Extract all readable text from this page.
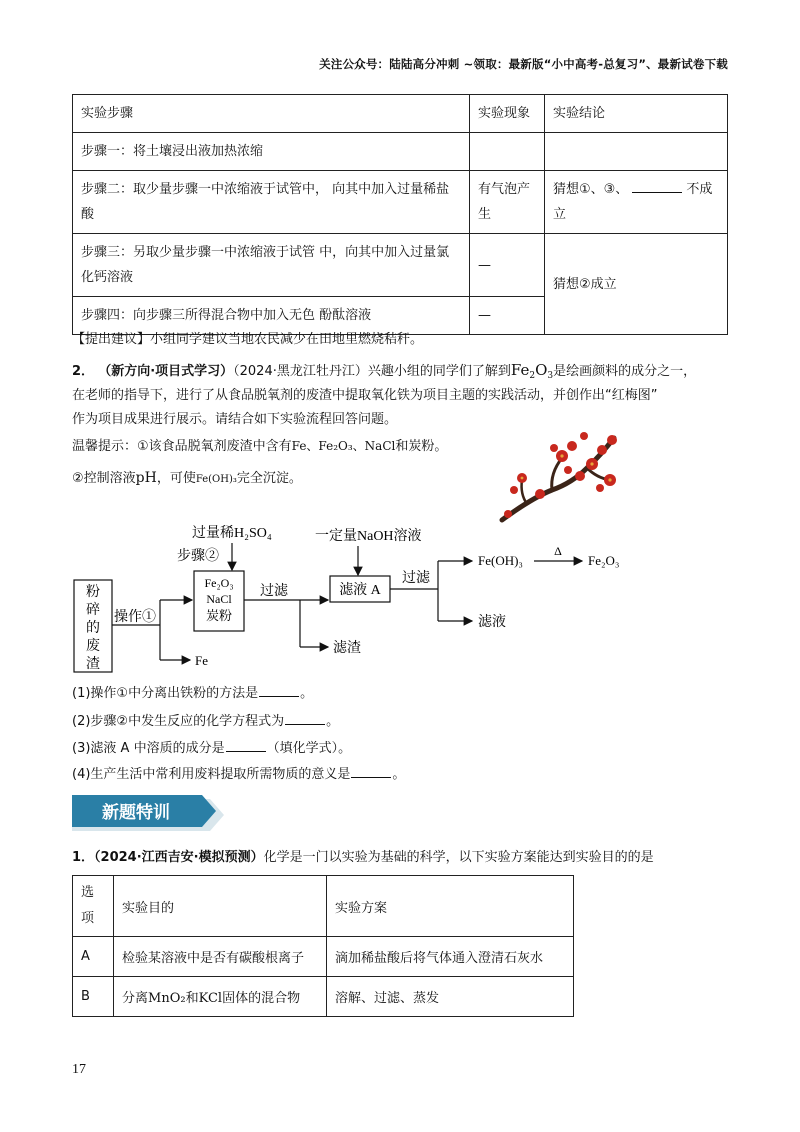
关注公众号：陆陆高分冲刺 ~领取：最新版“小中高考-总复习”、最新试卷下载
实验步骤	实验现象	实验结论
步骤一：将土壤浸出液加热浓缩		
步骤二：取少量步骤一中浓缩液于试管中， 向其中加入过量稀盐酸	有气泡产生	猜想①、③、 不成立
步骤三：另取少量步骤一中浓缩液于试管 中，向其中加入过量氯化钙溶液	—	猜想②成立
步骤四：向步骤三所得混合物中加入无色 酚酞溶液	—	
【提出建议】小组同学建议当地农民减少在田地里燃烧秸秆。
2． （新方向·项目式学习）（2024·黑龙江牡丹江）兴趣小组的同学们了解到$Fe_2O_3$是绘画颜料的成分之一，
在老师的指导下，进行了从食品脱氧剂的废渣中提取氧化铁为项目主题的实践活动，并创作出“红梅图”
作为项目成果进行展示。请结合如下实验流程回答问题。
温馨提示：①该食品脱氧剂废渣中含有Fe、Fe₂O₃、NaCl和炭粉。
②控制溶液pH，可使Fe(OH)₃完全沉淀。
粉
碎
的
废
渣
操作①
Fe
过量稀H₂SO₄
步骤②
Fe₂O₃
NaCl
炭粉
过滤
滤渣
一定量NaOH溶液
滤液 A
过滤
Fe(OH)₃
Δ
Fe₂O₃
滤液
(1)操作①中分离出铁粉的方法是	。
(2)步骤②中发生反应的化学方程式为	。
(3)滤液 A 中溶质的成分是	（填化学式）。
(4)生产生活中常利用废料提取所需物质的意义是	。
新题特训
1．（2024·江西吉安·模拟预测）化学是一门以实验为基础的科学，以下实验方案能达到实验目的的是
选项	实验目的	实验方案
A	检验某溶液中是否有碳酸根离子	滴加稀盐酸后将气体通入澄清石灰水
B	分离MnO₂和KCl固体的混合物	溶解、过滤、蒸发
17
